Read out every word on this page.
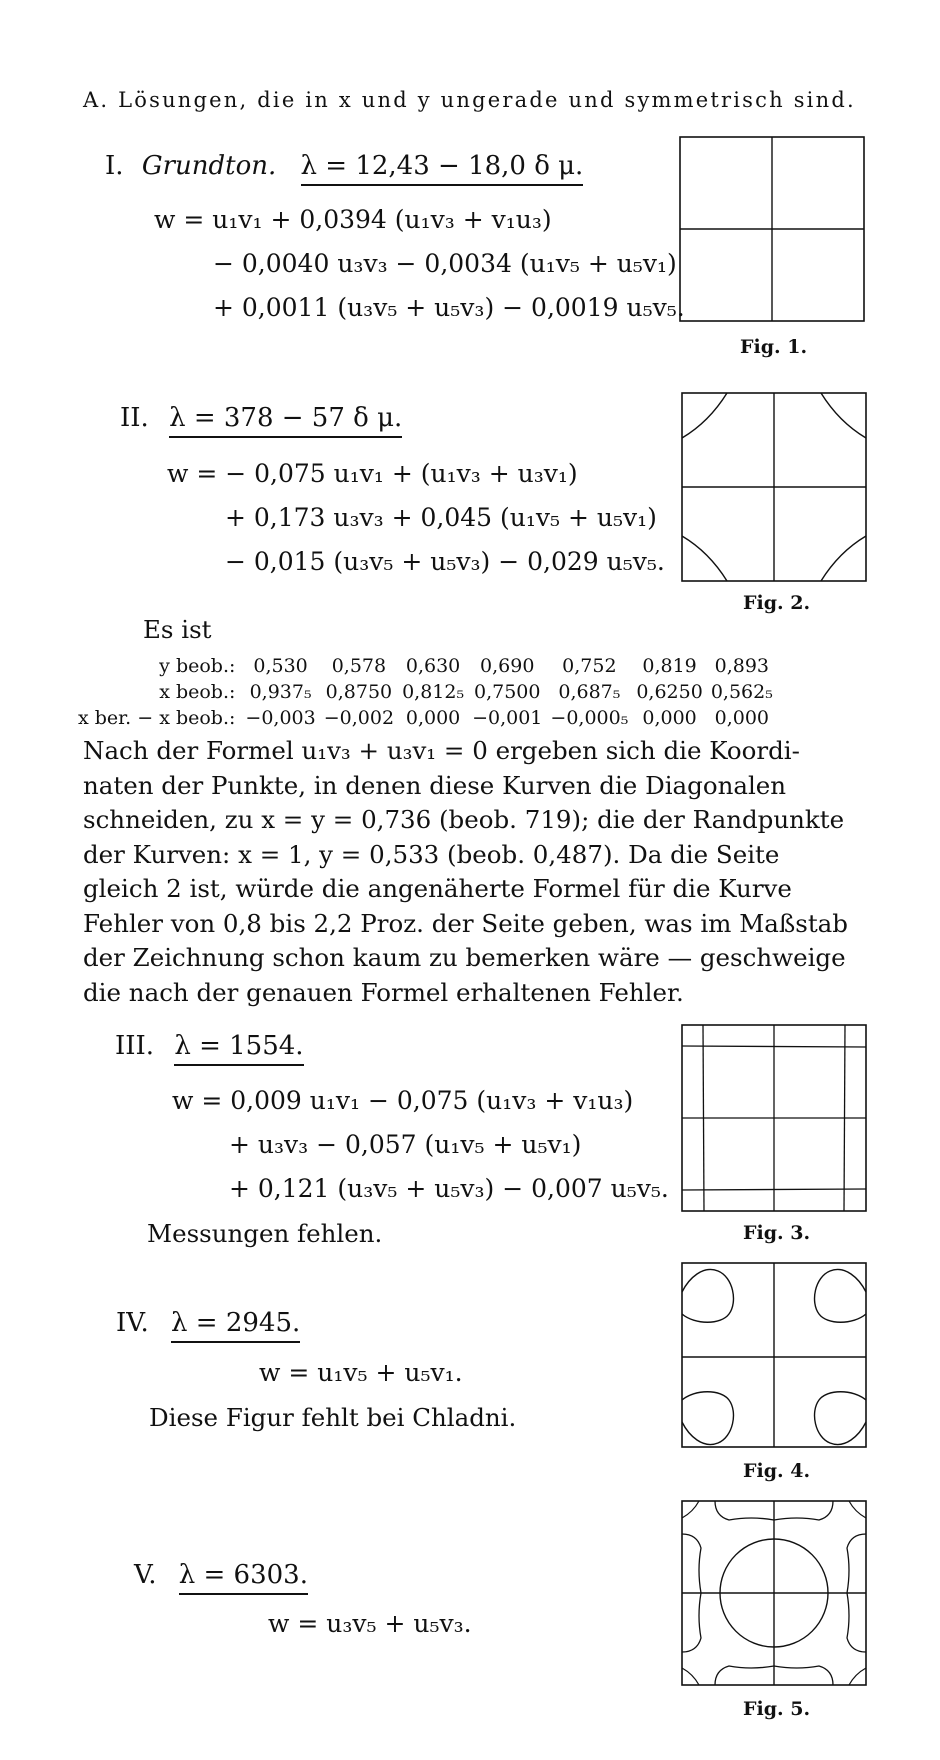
A. Lösungen, die in x und y ungerade und symmetrisch sind.
I. Grundton. λ = 12,43 − 18,0 δ μ.
w = u₁v₁ + 0,0394 (u₁v₃ + v₁u₃)
− 0,0040 u₃v₃ − 0,0034 (u₁v₅ + u₅v₁)
+ 0,0011 (u₃v₅ + u₅v₃) − 0,0019 u₅v₅.
Fig. 1.
II. λ = 378 − 57 δ μ.
w = − 0,075 u₁v₁ + (u₁v₃ + u₃v₁)
+ 0,173 u₃v₃ + 0,045 (u₁v₅ + u₅v₁)
− 0,015 (u₃v₅ + u₅v₃) − 0,029 u₅v₅.
Fig. 2.
Es ist
y beob.:	0,530	0,578	0,630	0,690	0,752	0,819	0,893
x beob.:	0,937₅	0,8750	0,812₅	0,7500	0,687₅	0,6250	0,562₅
x ber. − x beob.:	−0,003	−0,002	0,000	−0,001	−0,000₅	0,000	0,000
Nach der Formel u₁v₃ + u₃v₁ = 0 ergeben sich die Koordi-
naten der Punkte, in denen diese Kurven die Diagonalen
schneiden, zu x = y = 0,736 (beob. 719); die der Randpunkte
der Kurven: x = 1, y = 0,533 (beob. 0,487). Da die Seite
gleich 2 ist, würde die angenäherte Formel für die Kurve
Fehler von 0,8 bis 2,2 Proz. der Seite geben, was im Maßstab
der Zeichnung schon kaum zu bemerken wäre — geschweige
die nach der genauen Formel erhaltenen Fehler.
III. λ = 1554.
w = 0,009 u₁v₁ − 0,075 (u₁v₃ + v₁u₃)
+ u₃v₃ − 0,057 (u₁v₅ + u₅v₁)
+ 0,121 (u₃v₅ + u₅v₃) − 0,007 u₅v₅.
Messungen fehlen.	Fig. 3.
IV. λ = 2945.
w = u₁v₅ + u₅v₁.
Diese Figur fehlt bei Chladni.
Fig. 4.
V. λ = 6303.
w = u₃v₅ + u₅v₃.
Fig. 5.
